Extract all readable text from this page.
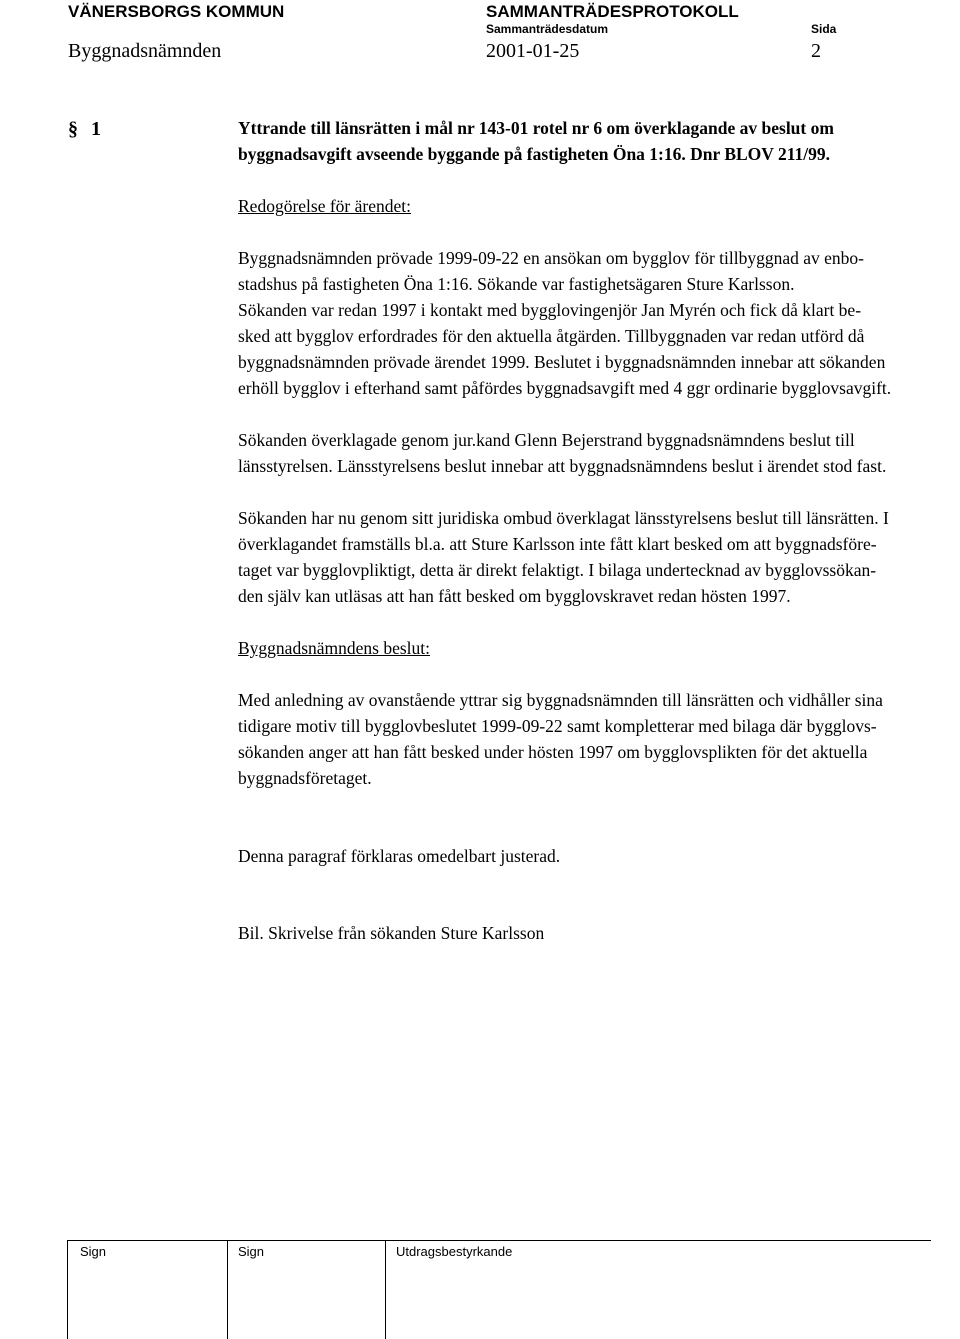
VÄNERSBORGS KOMMUN	SAMMANTRÄDESPROTOKOLL
Sammanträdesdatum	Sida
Byggnadsnämnden	2001-01-25	2
§ 1	Yttrande till länsrätten i mål nr 143-01 rotel nr 6 om överklagande av beslut om
byggnadsavgift avseende byggande på fastigheten Öna 1:16. Dnr BLOV 211/99.
Redogörelse för ärendet:
Byggnadsnämnden prövade 1999-09-22 en ansökan om bygglov för tillbyggnad av enbo-
stadshus på fastigheten Öna 1:16. Sökande var fastighetsägaren Sture Karlsson.
Sökanden var redan 1997 i kontakt med bygglovingenjör Jan Myrén och fick då klart be-
sked att bygglov erfordrades för den aktuella åtgärden. Tillbyggnaden var redan utförd då
byggnadsnämnden prövade ärendet 1999. Beslutet i byggnadsnämnden innebar att sökanden
erhöll bygglov i efterhand samt påfördes byggnadsavgift med 4 ggr ordinarie bygglovsavgift.
Sökanden överklagade genom jur.kand Glenn Bejerstrand byggnadsnämndens beslut till
länsstyrelsen. Länsstyrelsens beslut innebar att byggnadsnämndens beslut i ärendet stod fast.
Sökanden har nu genom sitt juridiska ombud överklagat länsstyrelsens beslut till länsrätten. I
överklagandet framställs bl.a. att Sture Karlsson inte fått klart besked om att byggnadsföre-
taget var bygglovpliktigt, detta är direkt felaktigt. I bilaga undertecknad av bygglovssökan-
den själv kan utläsas att han fått besked om bygglovskravet redan hösten 1997.
Byggnadsnämndens beslut:
Med anledning av ovanstående yttrar sig byggnadsnämnden till länsrätten och vidhåller sina
tidigare motiv till bygglovbeslutet 1999-09-22 samt kompletterar med bilaga där bygglovs-
sökanden anger att han fått besked under hösten 1997 om bygglovsplikten för det aktuella
byggnadsföretaget.
Denna paragraf förklaras omedelbart justerad.
Bil. Skrivelse från sökanden Sture Karlsson
Sign	Sign	Utdragsbestyrkande
